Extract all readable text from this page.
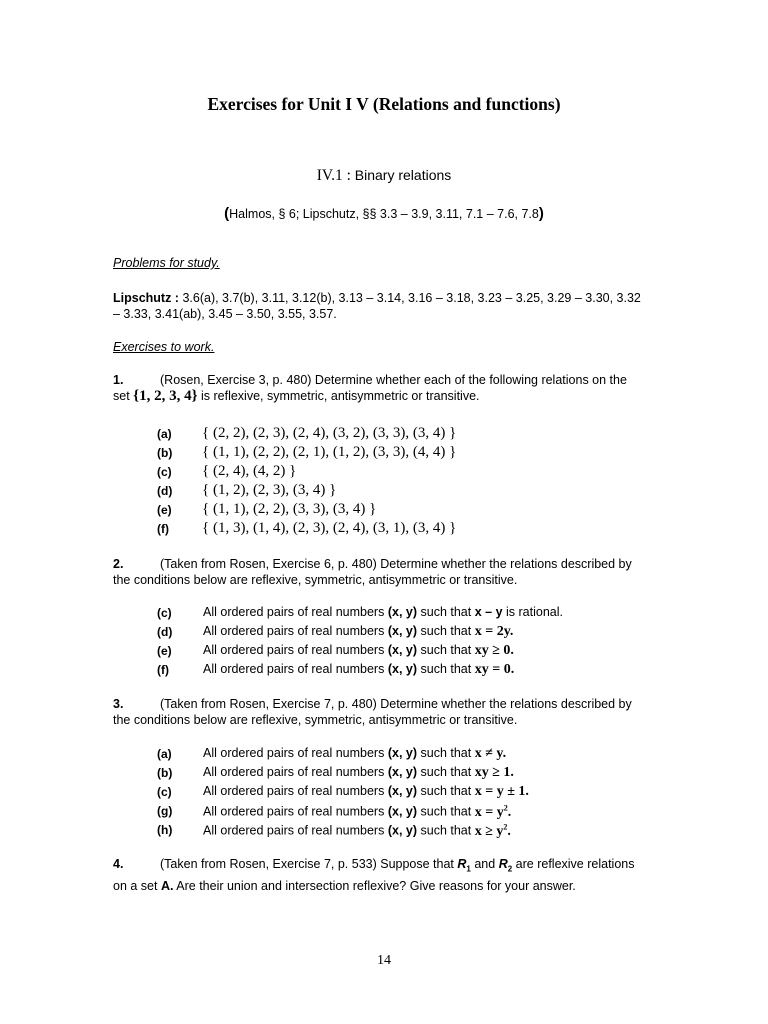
Exercises for Unit I V (Relations and functions)
IV.1 : Binary relations
(Halmos, § 6; Lipschutz, §§ 3.3 – 3.9, 3.11, 7.1 – 7.6, 7.8)
Problems for study.
Lipschutz : 3.6(a), 3.7(b), 3.11, 3.12(b), 3.13 – 3.14, 3.16 – 3.18, 3.23 – 3.25, 3.29 – 3.30, 3.32 – 3.33, 3.41(ab), 3.45 – 3.50, 3.55, 3.57.
Exercises to work.
1.	(Rosen, Exercise 3, p. 480) Determine whether each of the following relations on the set {1, 2, 3, 4} is reflexive, symmetric, antisymmetric or transitive.
(a) { (2, 2), (2, 3), (2, 4), (3, 2), (3, 3), (3, 4) }
(b) { (1, 1), (2, 2), (2, 1), (1, 2), (3, 3), (4, 4) }
(c) { (2, 4), (4, 2) }
(d) { (1, 2), (2, 3), (3, 4) }
(e) { (1, 1), (2, 2), (3, 3), (3, 4) }
(f) { (1, 3), (1, 4), (2, 3), (2, 4), (3, 1), (3, 4) }
2.	(Taken from Rosen, Exercise 6, p. 480) Determine whether the relations described by the conditions below are reflexive, symmetric, antisymmetric or transitive.
(c)	All ordered pairs of real numbers (x, y) such that x – y is rational.
(d) All ordered pairs of real numbers (x, y) such that x = 2y.
(e)	All ordered pairs of real numbers (x, y) such that xy ≥ 0.
(f)	All ordered pairs of real numbers (x, y) such that xy = 0.
3.	(Taken from Rosen, Exercise 7, p. 480) Determine whether the relations described by the conditions below are reflexive, symmetric, antisymmetric or transitive.
(a)	All ordered pairs of real numbers (x, y) such that x ≠ y.
(b) All ordered pairs of real numbers (x, y) such that xy ≥ 1.
(c)	All ordered pairs of real numbers (x, y) such that x = y ± 1.
(g) All ordered pairs of real numbers (x, y) such that $x = y^2$.
(h) All ordered pairs of real numbers (x, y) such that $x \ge y^2$.
4.	(Taken from Rosen, Exercise 7, p. 533) Suppose that $R_1$ and $R_2$ are reflexive relations on a set A. Are their union and intersection reflexive? Give reasons for your answer.
14
